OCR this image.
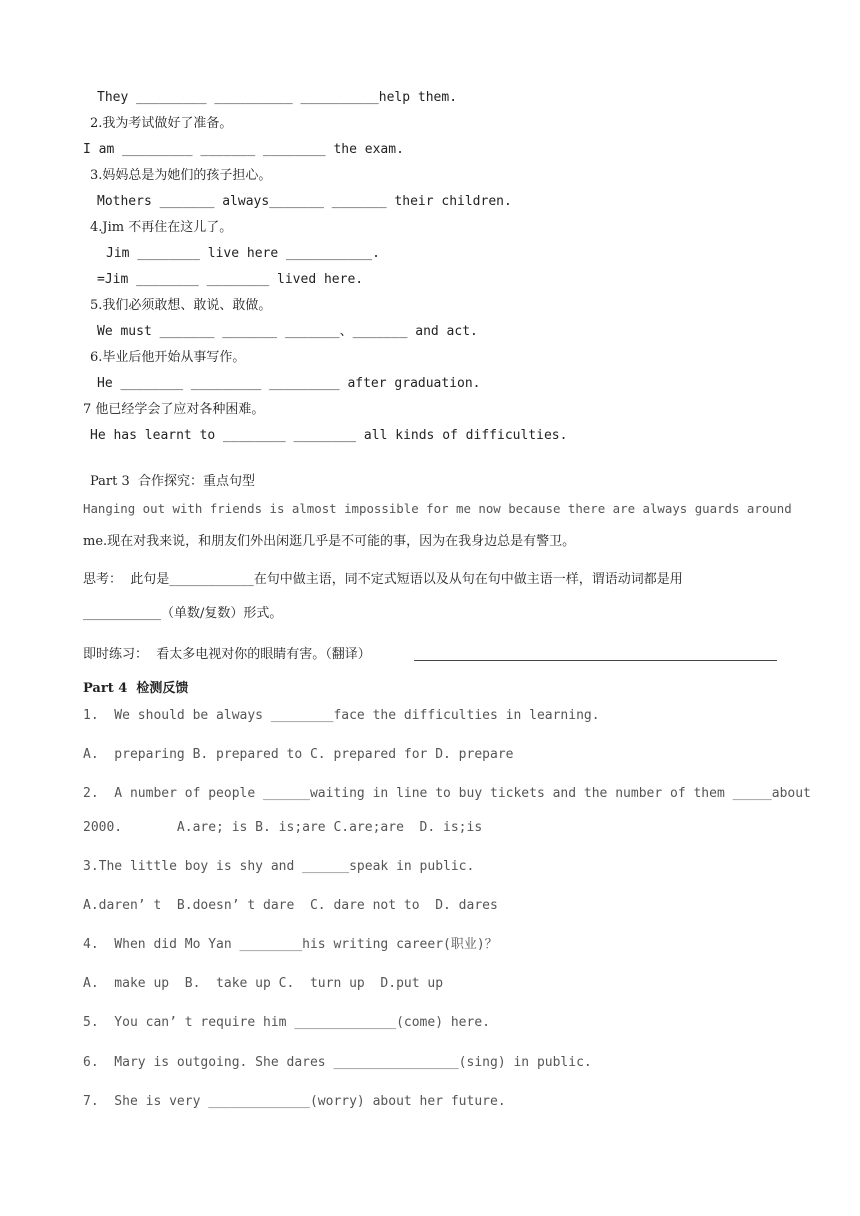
They _________ __________ __________help them.
2.我为考试做好了准备。
I am _________ _______ ________ the exam.
3.妈妈总是为她们的孩子担心。
Mothers _______ always_______ _______ their children.
4.Jim 不再住在这儿了。
Jim ________ live here ___________.
=Jim ________ ________ lived here.
5.我们必须敢想、敢说、敢做。
We must _______ _______ _______、_______ and act.
6.毕业后他开始从事写作。
He ________ _________ _________ after graduation.
7 他已经学会了应对各种困难。
He has learnt to ________ ________ all kinds of difficulties.
Part 3  合作探究：重点句型
Hanging out with friends is almost impossible for me now because there are always guards around
me.现在对我来说，和朋友们外出闲逛几乎是不可能的事，因为在我身边总是有警卫。
思考：  此句是_____________在句中做主语，同不定式短语以及从句在句中做主语一样，谓语动词都是用
____________（单数/复数）形式。
即时练习：  看太多电视对你的眼睛有害。（翻译）
Part 4  检测反馈
1.  We should be always ________face the difficulties in learning.
A.  preparing B. prepared to C. prepared for D. prepare
2.  A number of people ______waiting in line to buy tickets and the number of them _____about
2000.       A.are; is B. is;are C.are;are  D. is;is
3.The little boy is shy and ______speak in public.
A.daren’ t  B.doesn’ t dare  C. dare not to  D. dares
4.  When did Mo Yan ________his writing career(职业)？
A.  make up  B.  take up C.  turn up  D.put up
5.  You can’ t require him _____________(come) here.
6.  Mary is outgoing. She dares ________________(sing) in public.
7.  She is very _____________(worry) about her future.
